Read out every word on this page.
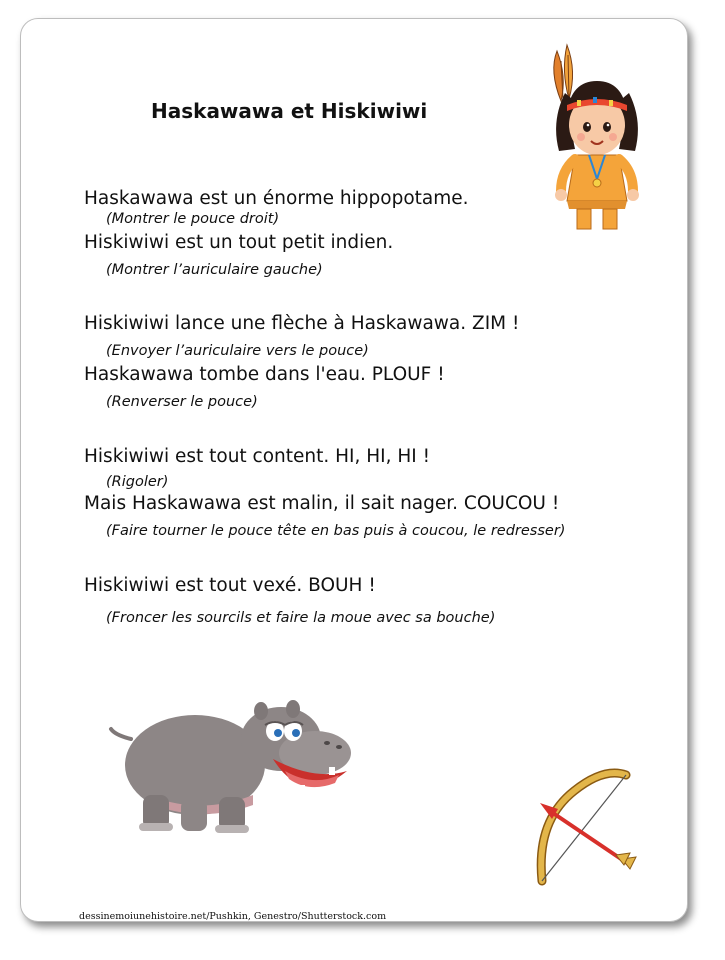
Haskawawa et Hiskiwiwi
dessinemoiunehistoire.net/Pushkin, Genestro/Shutterstock.com
Haskawawa est un énorme hippopotame.
(Montrer le pouce droit)
Hiskiwiwi est un tout petit indien.
(Montrer l’auriculaire gauche)
Hiskiwiwi lance une flèche à Haskawawa. ZIM !
(Envoyer l’auriculaire vers le pouce)
Haskawawa tombe dans l'eau. PLOUF !
(Renverser le pouce)
Hiskiwiwi est tout content. HI, HI, HI !
(Rigoler)
Mais Haskawawa est malin, il sait nager. COUCOU !
(Faire tourner le pouce tête en bas puis à coucou, le redresser)
Hiskiwiwi est tout vexé. BOUH !
(Froncer les sourcils et faire la moue avec sa bouche)
